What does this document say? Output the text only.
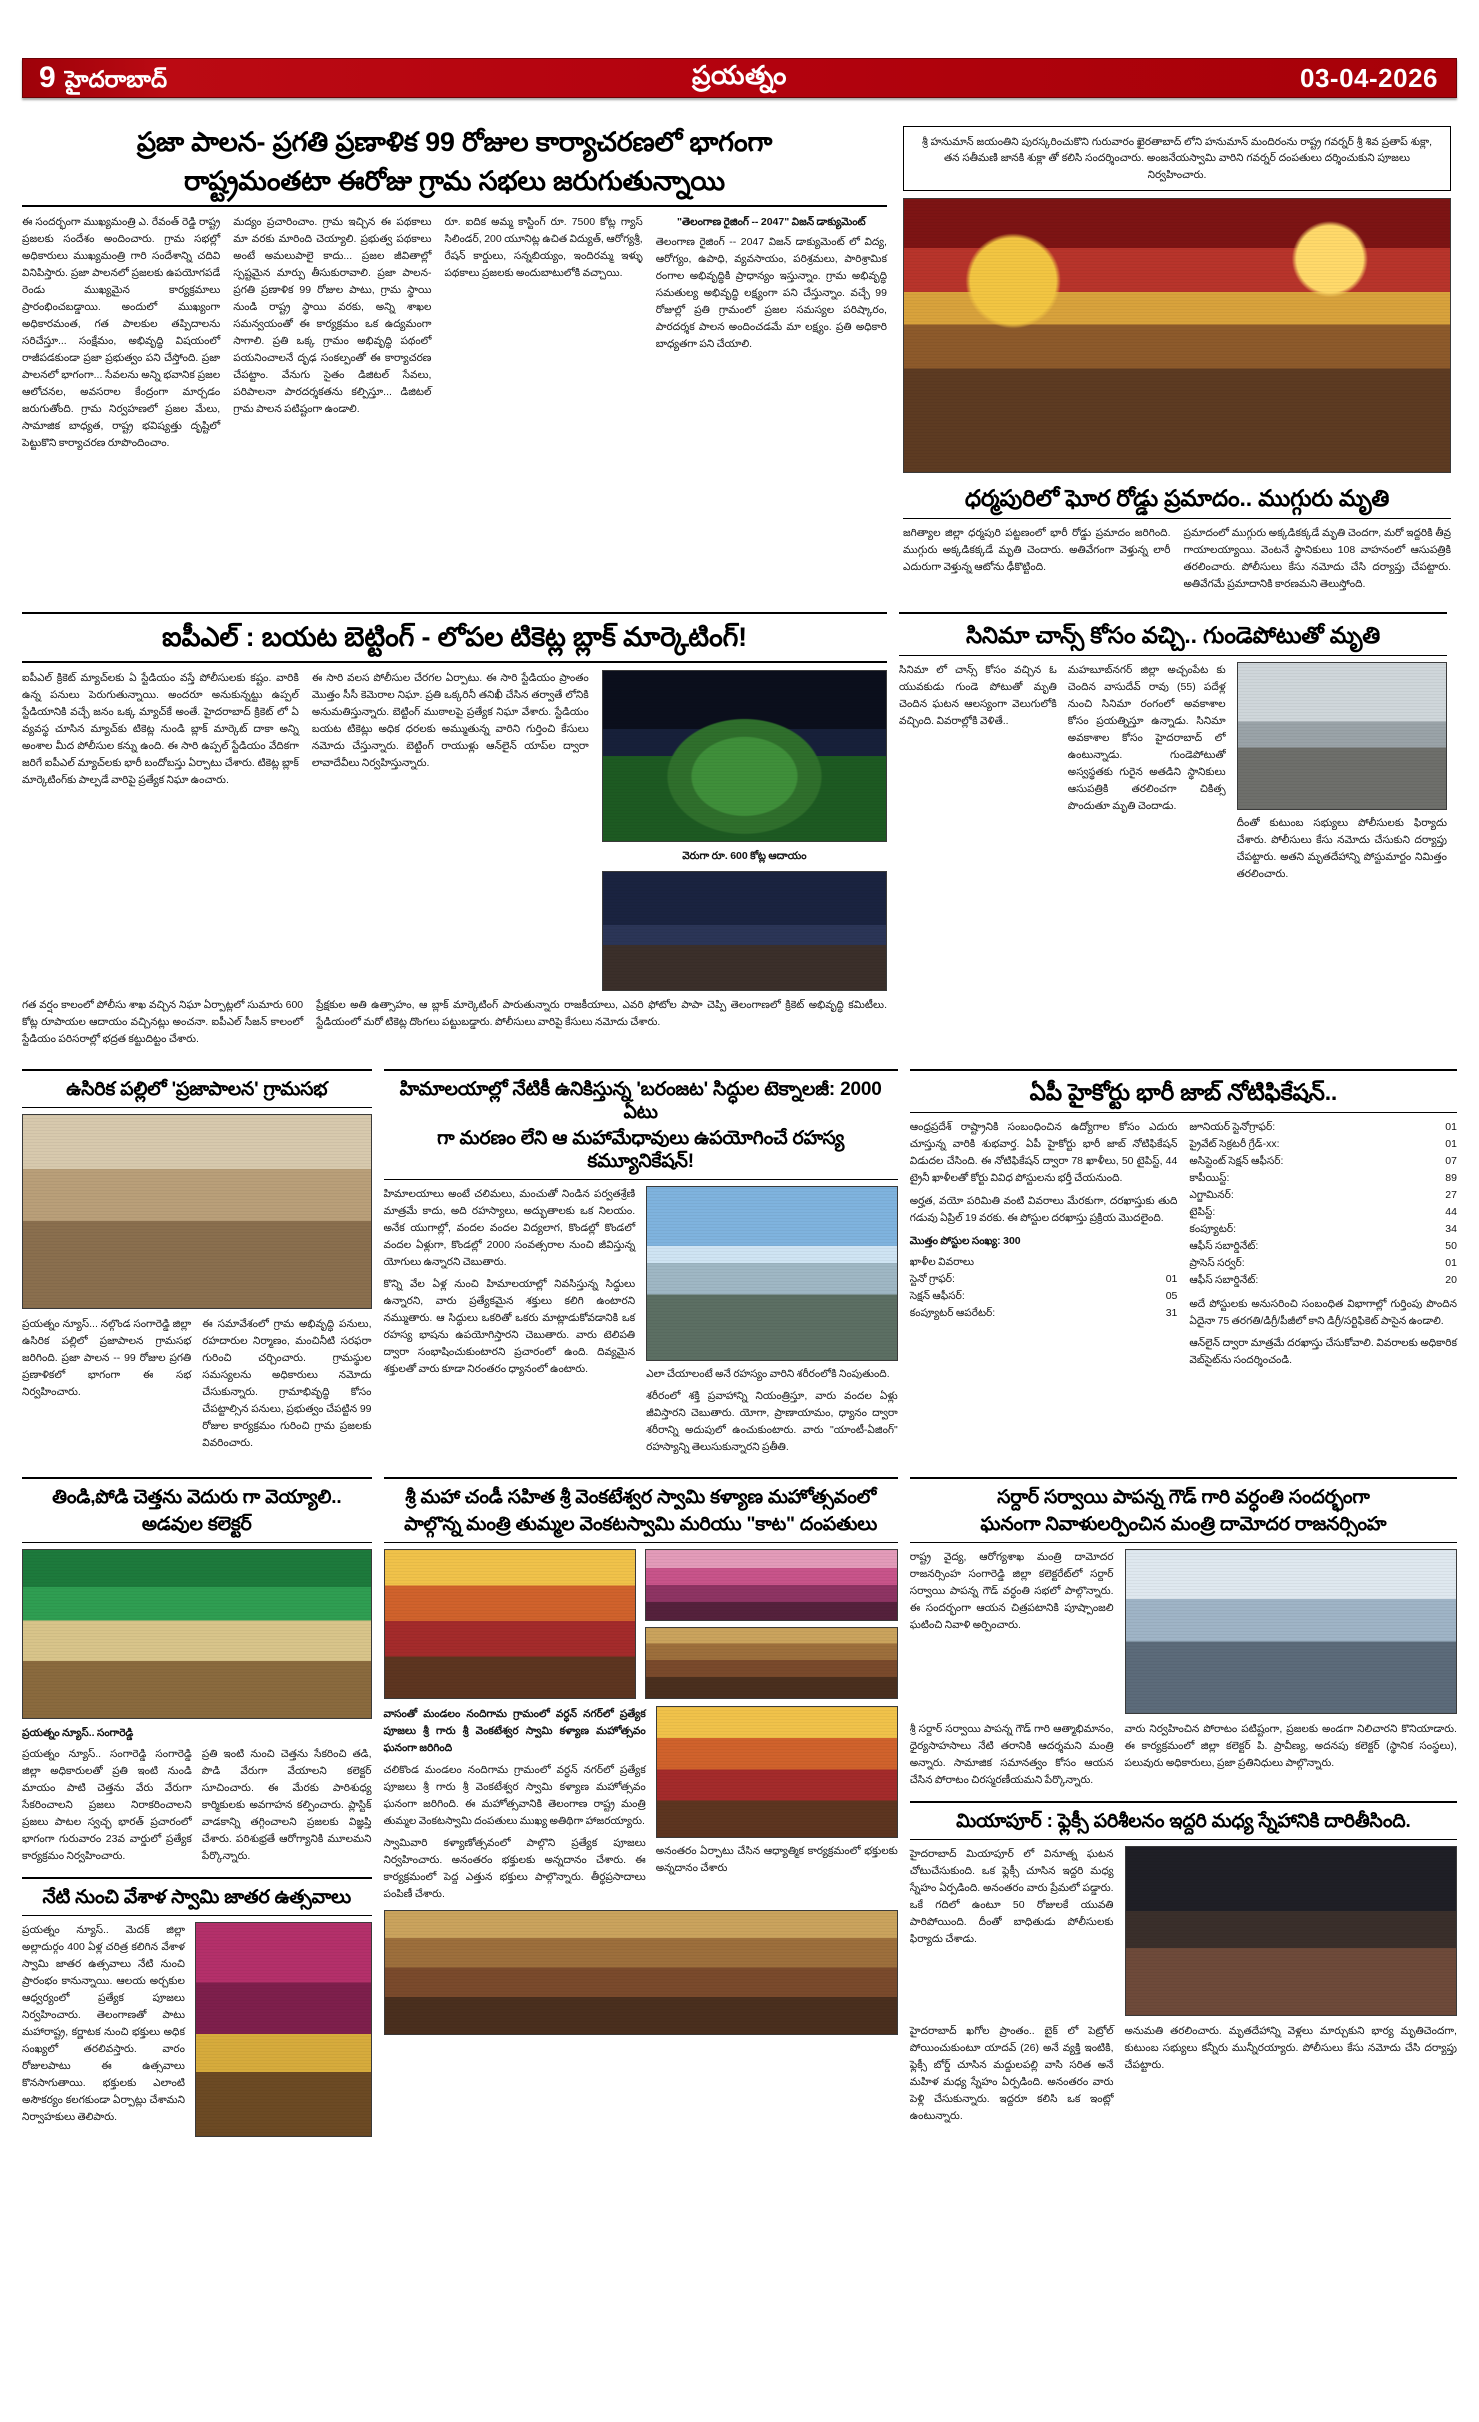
9 హైదరాబాద్	ప్రయత్నం	03-04-2026
ప్రజా పాలన- ప్రగతి ప్రణాళిక 99 రోజుల కార్యాచరణలో భాగంగా
రాష్ట్రమంతటా ఈరోజు గ్రామ సభలు జరుగుతున్నాయి
ఈ సందర్భంగా ముఖ్యమంత్రి ఎ. రేవంత్ రెడ్డి రాష్ట్ర ప్రజలకు సందేశం అందించారు. గ్రామ సభల్లో అధికారులు ముఖ్యమంత్రి గారి సందేశాన్ని చదివి వినిపిస్తారు. ప్రజా పాలనలో ప్రజలకు ఉపయోగపడే రెండు ముఖ్యమైన కార్యక్రమాలు ప్రారంభించబడ్డాయి. అందులో ముఖ్యంగా అధికారమంత, గత పాలకుల తప్పిదాలను సరిచేస్తూ... సంక్షేమం, అభివృద్ధి విషయంలో రాజీపడకుండా ప్రజా ప్రభుత్వం పని చేస్తోంది. ప్రజా పాలనలో భాగంగా... సేవలను అన్ని భవానిక ప్రజల ఆలోచనల, అవసరాల కేంద్రంగా మార్చడం జరుగుతోంది. గ్రామ నిర్వహణలో ప్రజల మేలు, సామాజిక బాధ్యత, రాష్ట్ర భవిష్యత్తు దృష్టిలో పెట్టుకొని కార్యాచరణ రూపొందించాం.
మద్యం ప్రచారించాం. గ్రామ ఇచ్చిన ఈ పథకాలు మా వరకు మారింది చెయ్యాలి. ప్రభుత్వ పథకాలు అంటే అమలుపాలై కాదు... ప్రజల జీవితాల్లో స్పష్టమైన మార్పు తీసుకురావాలి. ప్రజా పాలన- ప్రగతి ప్రణాళిక 99 రోజుల పాటు, గ్రామ స్థాయి నుండి రాష్ట్ర స్థాయి వరకు, అన్ని శాఖల సమన్వయంతో ఈ కార్యక్రమం ఒక ఉద్యమంగా సాగాలి. ప్రతి ఒక్క గ్రామం అభివృద్ధి పథంలో పయనించాలనే దృఢ సంకల్పంతో ఈ కార్యాచరణ చేపట్టాం. వేనుగు సైతం డిజిటల్ సేవలు, పరిపాలనా పారదర్శకతను కల్పిస్తూ... డిజిటల్ గ్రామ పాలన పటిష్టంగా ఉండాలి.
రూ. ఐదిక అమ్మ కాస్టింగ్ రూ. 7500 కోట్ల గ్యాస్ సిలిండర్, 200 యూనిట్ల ఉచిత విద్యుత్, ఆరోగ్యశ్రీ, రేషన్ కార్డులు, సన్నబియ్యం, ఇందిరమ్మ ఇళ్ళు పథకాలు ప్రజలకు అందుబాటులోకి వచ్చాయి.
"తెలంగాణ రైజింగ్ -- 2047" విజన్ డాక్యుమెంట్‌
తెలంగాణ రైజింగ్ -- 2047 విజన్ డాక్యుమెంట్ లో విద్య, ఆరోగ్యం, ఉపాధి, వ్యవసాయం, పరిశ్రమలు, పారిశ్రామిక రంగాల అభివృద్ధికి ప్రాధాన్యం ఇస్తున్నాం. గ్రామ అభివృద్ధి సమతుల్య అభివృద్ధి లక్ష్యంగా పని చేస్తున్నాం. వచ్చే 99 రోజుల్లో ప్రతి గ్రామంలో ప్రజల సమస్యల పరిష్కారం, పారదర్శక పాలన అందించడమే మా లక్ష్యం. ప్రతి అధికారి బాధ్యతగా పని చేయాలి.
శ్రీ హనుమాన్ జయంతిని పురస్కరించుకొని గురువారం ఖైరతాబాద్ లోని హనుమాన్ మందిరంను రాష్ట్ర గవర్నర్ శ్రీ శివ ప్రతాప్ శుక్లా, తన సతీమణి జానకి శుక్లా తో కలిసి సందర్శించారు. అంజనేయస్వామి వారిని గవర్నర్ దంపతులు దర్శించుకుని పూజలు నిర్వహించారు.
ధర్మపురిలో ఘోర రోడ్డు ప్రమాదం.. ముగ్గురు మృతి
జగిత్యాల జిల్లా ధర్మపురి పట్టణంలో భారీ రోడ్డు ప్రమాదం జరిగింది. ముగ్గురు అక్కడికక్కడే మృతి చెందారు. అతివేగంగా వెళ్తున్న లారీ ఎదురుగా వెళ్తున్న ఆటోను ఢీకొట్టింది.
ప్రమాదంలో ముగ్గురు అక్కడికక్కడే మృతి చెందగా, మరో ఇద్దరికి తీవ్ర గాయాలయ్యాయి. వెంటనే స్థానికులు 108 వాహనంలో ఆసుపత్రికి తరలించారు. పోలీసులు కేసు నమోదు చేసి దర్యాప్తు చేపట్టారు. అతివేగమే ప్రమాదానికి కారణమని తెలుస్తోంది.
ఐపీఎల్ : బయట బెట్టింగ్ - లోపల టికెట్ల బ్లాక్ మార్కెటింగ్!
ఐపీఎల్ క్రికెట్ మ్యాచ్‌లకు ఏ స్టేడియం వస్తే పోలీసులకు కష్టం. వారికి ఉన్న పనులు పెరుగుతున్నాయి. అందరూ అనుకున్నట్టు ఉప్పల్ స్టేడియానికి వచ్చే జనం ఒక్క మ్యాచ్‌కే అంతే. హైదరాబాద్ క్రికెట్ లో ఏ వ్యవస్థ చూసిన మ్యాచ్‌కు టికెట్ల నుండి బ్లాక్ మార్కెట్ దాకా అన్ని అంశాల మీద పోలీసుల కన్ను ఉంది. ఈ సారి ఉప్పల్ స్టేడియం వేదికగా జరిగే ఐపీఎల్ మ్యాచ్‌లకు భారీ బందోబస్తు ఏర్పాటు చేశారు. టికెట్ల బ్లాక్ మార్కెటింగ్‌కు పాల్పడే వారిపై ప్రత్యేక నిఘా ఉంచారు.
ఈ సారి వలస పోలీసుల చేరగల ఏర్పాటు. ఈ సారి స్టేడియం ప్రాంతం మొత్తం సీసీ కెమెరాల నిఘా. ప్రతి ఒక్కరినీ తనిఖీ చేసిన తర్వాతే లోనికి అనుమతిస్తున్నారు. బెట్టింగ్ ముఠాలపై ప్రత్యేక నిఘా వేశారు. స్టేడియం బయట టికెట్లు అధిక ధరలకు అమ్ముతున్న వారిని గుర్తించి కేసులు నమోదు చేస్తున్నారు. బెట్టింగ్ రాయుళ్లు ఆన్‌లైన్ యాప్‌ల ద్వారా లావాదేవీలు నిర్వహిస్తున్నారు.
వెరుగా రూ. 600 కోట్ల ఆదాయం
గత వర్షం కాలంలో పోలీసు శాఖ వచ్చిన నిఘా ఏర్పాట్లలో సుమారు 600 కోట్ల రూపాయల ఆదాయం వచ్చినట్లు అంచనా. ఐపీఎల్ సీజన్ కాలంలో స్టేడియం పరిసరాల్లో భద్రత కట్టుదిట్టం చేశారు.
ప్రేక్షకుల అతి ఉత్సాహం, ఆ బ్లాక్ మార్కెటింగ్ పారుతున్నారు రాజకీయాలు, ఎవరి ఫోటోల పాపా చెప్పి తెలంగాణలో క్రికెట్ అభివృద్ధి కమిటీలు. స్టేడియంలో మరో టికెట్ల దొంగలు పట్టుబడ్డారు. పోలీసులు వారిపై కేసులు నమోదు చేశారు.
సినిమా చాన్స్ కోసం వచ్చి.. గుండెపోటుతో మృతి
సినిమా లో చాన్స్ కోసం వచ్చిన ఓ యువకుడు గుండె పోటుతో మృతి చెందిన ఘటన ఆలస్యంగా వెలుగులోకి వచ్చింది. వివరాల్లోకి వెళితే..
మహబూబ్‌నగర్ జిల్లా అచ్చంపేట కు చెందిన వాసుదేవ్ రావు (55) పదేళ్ల నుంచి సినిమా రంగంలో అవకాశాల కోసం ప్రయత్నిస్తూ ఉన్నాడు. సినిమా అవకాశాల కోసం హైదరాబాద్ లో ఉంటున్నాడు. గుండెపోటుతో అస్వస్థతకు గురైన అతడిని స్థానికులు ఆసుపత్రికి తరలించగా చికిత్స పొందుతూ మృతి చెందాడు.
దీంతో కుటుంబ సభ్యులు పోలీసులకు ఫిర్యాదు చేశారు. పోలీసులు కేసు నమోదు చేసుకుని దర్యాప్తు చేపట్టారు. అతని మృతదేహాన్ని పోస్టుమార్టం నిమిత్తం తరలించారు.
ఉసిరిక పల్లిలో 'ప్రజాపాలన' గ్రామసభ
ప్రయత్నం న్యూస్... నల్గొండ సంగారెడ్డి జిల్లా ఉసిరిక పల్లిలో ప్రజాపాలన గ్రామసభ జరిగింది. ప్రజా పాలన -- 99 రోజుల ప్రగతి ప్రణాళికలో భాగంగా ఈ సభ నిర్వహించారు.
ఈ సమావేశంలో గ్రామ అభివృద్ధి పనులు, రహదారుల నిర్మాణం, మంచినీటి సరఫరా గురించి చర్చించారు. గ్రామస్థుల సమస్యలను అధికారులు నమోదు చేసుకున్నారు. గ్రామాభివృద్ధి కోసం చేపట్టాల్సిన పనులు, ప్రభుత్వం చేపట్టిన 99 రోజుల కార్యక్రమం గురించి గ్రామ ప్రజలకు వివరించారు.
హిమాలయాల్లో నేటికీ ఉనికిస్తున్న 'బరంజట' సిద్ధుల టెక్నాలజీ: 2000 ఏటు
గా మరణం లేని ఆ మహామేధావులు ఉపయోగించే రహస్య కమ్యూనికేషన్!
హిమాలయాలు అంటే చలిమలు, మంచుతో నిండిన పర్వతశ్రేణి మాత్రమే కాదు, అది రహస్యాలు, అద్భుతాలకు ఒక నిలయం. అనేక యుగాల్లో, వందల వందల విద్యలాగ, కొండల్లో కొండలో వందల ఏళ్లుగా, కొండల్లో 2000 సంవత్సరాల నుంచి జీవిస్తున్న యోగులు ఉన్నారని చెబుతారు.
కొన్ని వేల ఏళ్ల నుంచి హిమాలయాల్లో నివసిస్తున్న సిద్ధులు ఉన్నారని, వారు ప్రత్యేకమైన శక్తులు కలిగి ఉంటారని నమ్ముతారు. ఆ సిద్ధులు ఒకరితో ఒకరు మాట్లాడుకోవడానికి ఒక రహస్య భాషను ఉపయోగిస్తారని చెబుతారు. వారు టెలిపతి ద్వారా సంభాషించుకుంటారని ప్రచారంలో ఉంది. దివ్యమైన శక్తులతో వారు కూడా నిరంతరం ధ్యానంలో ఉంటారు.	ఎలా చేయాలంటే అనే రహస్యం వారిని శరీరంలోకి నింపుతుంది.
శరీరంలో శక్తి ప్రవాహాన్ని నియంత్రిస్తూ, వారు వందల ఏళ్లు జీవిస్తారని చెబుతారు. యోగా, ప్రాణాయామం, ధ్యానం ద్వారా శరీరాన్ని అదుపులో ఉంచుకుంటారు. వారు "యాంటీ-ఏజింగ్" రహస్యాన్ని తెలుసుకున్నారని ప్రతీతి.
ఏపీ హైకోర్టు భారీ జాబ్ నోటిఫికేషన్..
ఆంధ్రప్రదేశ్ రాష్ట్రానికి సంబంధించిన ఉద్యోగాల కోసం ఎదురు చూస్తున్న వారికి శుభవార్త. ఏపీ హైకోర్టు భారీ జాబ్ నోటిఫికేషన్ విడుదల చేసింది. ఈ నోటిఫికేషన్ ద్వారా 78 ఖాళీలు, 50 టైపిస్ట్, 44 ట్రైనీ ఖాళీలతో కోర్టు వివిధ పోస్టులను భర్తీ చేయనుంది.
అర్హత, వయో పరిమితి వంటి వివరాలు మేరకుగా, దరఖాస్తుకు తుది గడువు ఏప్రిల్ 19 వరకు. ఈ పోస్టుల దరఖాస్తు ప్రక్రియ మొదలైంది.
మెుత్తం పోస్టుల సంఖ్య: 300
ఖాళీల వివరాలు
స్టెనో గ్రాఫర్:	01
సెక్షన్ ఆఫీసర్:	05
కంప్యూటర్ ఆపరేటర్:	31
జూనియర్ స్టెనోగ్రాఫర్:	01
ప్రైవేట్ సెక్రటరీ గ్రేడ్-xx:	01
అసిస్టెంట్ సెక్షన్ ఆఫీసర్:	07
కాపీయిస్ట్:	89
ఎగ్జామినర్:	27
టైపిస్ట్:	44
కంప్యూటర్:	34
ఆఫీస్ సబార్డినేట్:	50
ప్రాసెస్ సర్వర్:	01
ఆఫీస్ సబార్డినేట్:	20
అదే పోస్టులకు అనుసరించి సంబంధిత విభాగాల్లో గుర్తింపు పొందిన ఏదైనా 75 తరగతి/డిగ్రీ/పీజీలో కాని డిగ్రీ/సర్టిఫికెట్ పాసైన ఉండాలి.
ఆన్‌లైన్ ద్వారా మాత్రమే దరఖాస్తు చేసుకోవాలి. వివరాలకు అధికారిక వెబ్‌సైట్‌ను సందర్శించండి.
తిండి,పోడి చెత్తను వెదురు గా వెయ్యాలి..
అడవుల కలెక్టర్
ప్రయత్నం న్యూస్.. సంగారెడ్డి
ప్రయత్నం న్యూస్.. సంగారెడ్డి సంగారెడ్డి జిల్లా అధికారులతో ప్రతి ఇంటి నుండి మాయం పాటి చెత్తను వేరు వేరుగా సేకరించాలని ప్రజలు నిరాకరించాలని ప్రజలు పాటల స్వచ్ఛ భారత్ ప్రచారంలో భాగంగా గురువారం 23వ వార్డులో ప్రత్యేక కార్యక్రమం నిర్వహించారు.
ప్రతి ఇంటి నుంచి చెత్తను సేకరించి తడి, పొడి వేరుగా వేయాలని కలెక్టర్ సూచించారు. ఈ మేరకు పారిశుధ్య కార్మికులకు అవగాహన కల్పించారు. ప్లాస్టిక్ వాడకాన్ని తగ్గించాలని ప్రజలకు విజ్ఞప్తి చేశారు. పరిశుభ్రతే ఆరోగ్యానికి మూలమని పేర్కొన్నారు.
నేటి నుంచి వేశాళ స్వామి జాతర ఉత్సవాలు
ప్రయత్నం న్యూస్.. మెదక్ జిల్లా అల్లాదుర్గం 400 ఏళ్ల చరిత్ర కలిగిన వేశాళ స్వామి జాతర ఉత్సవాలు నేటి నుంచి ప్రారంభం కానున్నాయి. ఆలయ అర్చకుల ఆధ్వర్యంలో ప్రత్యేక పూజలు నిర్వహించారు. తెలంగాణతో పాటు మహారాష్ట్ర, కర్ణాటక నుంచి భక్తులు అధిక సంఖ్యలో తరలివస్తారు. వారం రోజులపాటు ఈ ఉత్సవాలు కొనసాగుతాయి. భక్తులకు ఎలాంటి అసౌకర్యం కలగకుండా ఏర్పాట్లు చేశామని నిర్వాహకులు తెలిపారు.
శ్రీ మహా చండీ సహిత శ్రీ వెంకటేశ్వర స్వామి కళ్యాణ మహోత్సవంలో
పాల్గొన్న మంత్రి తుమ్మల వెంకటస్వామి మరియు "కాట" దంపతులు
వాసంతో మండలం నందిగామ గ్రామంలో వర్ధన్ నగర్‌లో ప్రత్యేక పూజలు శ్రీ గారు శ్రీ వెంకటేశ్వర స్వామి కళ్యాణ మహోత్సవం ఘనంగా జరిగింది
చలికొండ మండలం నందిగామ గ్రామంలో వర్ధన్ నగర్‌లో ప్రత్యేక పూజలు శ్రీ గారు శ్రీ వెంకటేశ్వర స్వామి కళ్యాణ మహోత్సవం ఘనంగా జరిగింది. ఈ మహోత్సవానికి తెలంగాణ రాష్ట్ర మంత్రి తుమ్మల వెంకటస్వామి దంపతులు ముఖ్య అతిథిగా హాజరయ్యారు.
స్వామివారి కళ్యాణోత్సవంలో పాల్గొని ప్రత్యేక పూజలు నిర్వహించారు. అనంతరం భక్తులకు అన్నదానం చేశారు. ఈ కార్యక్రమంలో పెద్ద ఎత్తున భక్తులు పాల్గొన్నారు. తీర్థప్రసాదాలు పంపిణీ చేశారు.
అనంతరం ఏర్పాటు చేసిన ఆధ్యాత్మిక కార్యక్రమంలో భక్తులకు అన్నదానం చేశారు
సర్దార్ సర్వాయి పాపన్న గౌడ్ గారి వర్ధంతి సందర్భంగా
ఘనంగా నివాళులర్పించిన మంత్రి దామోదర రాజనర్సింహ
రాష్ట్ర వైద్య, ఆరోగ్యశాఖ మంత్రి దామోదర రాజనర్సింహ సంగారెడ్డి జిల్లా కలెక్టరేట్‌లో సర్దార్ సర్వాయి పాపన్న గౌడ్ వర్ధంతి సభలో పాల్గొన్నారు. ఈ సందర్భంగా ఆయన చిత్రపటానికి పూష్పాంజలి ఘటించి నివాళి అర్పించారు.
శ్రీ సర్దార్ సర్వాయి పాపన్న గౌడ్ గారి ఆత్మాభిమానం, ధైర్యసాహసాలు నేటి తరానికి ఆదర్శమని మంత్రి అన్నారు. సామాజిక సమానత్వం కోసం ఆయన చేసిన పోరాటం చిరస్మరణీయమని పేర్కొన్నారు.
వారు నిర్వహించిన పోరాటం పటిష్టంగా, ప్రజలకు అండగా నిలిచారని కొనియాడారు. ఈ కార్యక్రమంలో జిల్లా కలెక్టర్ పి. ప్రావీణ్య, అదనపు కలెక్టర్ (స్థానిక సంస్థలు), పలువురు అధికారులు, ప్రజా ప్రతినిధులు పాల్గొన్నారు.
మియాపూర్ : ఫ్లెక్సీ పరిశీలనం ఇద్దరి మధ్య స్నేహానికి దారితీసింది.
హైదరాబాద్ మియాపూర్ లో వినూత్న ఘటన చోటుచేసుకుంది. ఒక ఫ్లెక్సీ చూసిన ఇద్దరి మధ్య స్నేహం ఏర్పడింది. అనంతరం వారు ప్రేమలో పడ్డారు. ఒకే గదిలో ఉంటూ 50 రోజులకే యువతి పారిపోయింది. దీంతో బాధితుడు పోలీసులకు ఫిర్యాదు చేశాడు.
హైదరాబాద్ ఖగోల ప్రాంతం.. బైక్ లో పెట్రోల్ పోయించుకుంటూ యాదవ్ (26) అనే వ్యక్తి ఇంటికి, ఫ్లెక్సీ బోర్డ్ చూసిన మద్దులపల్లి వాసి సరిత అనే మహిళ మధ్య స్నేహం ఏర్పడింది. అనంతరం వారు పెళ్లి చేసుకున్నారు. ఇద్దరూ కలిసి ఒక ఇంట్లో ఉంటున్నారు.
అనుమతి తరలించారు. మృతదేహాన్ని వెళ్లలు మార్చుకుని భార్య మృతిచెందగా, కుటుంబ సభ్యులు కన్నీరు మున్నీరయ్యారు. పోలీసులు కేసు నమోదు చేసి దర్యాప్తు చేపట్టారు.
